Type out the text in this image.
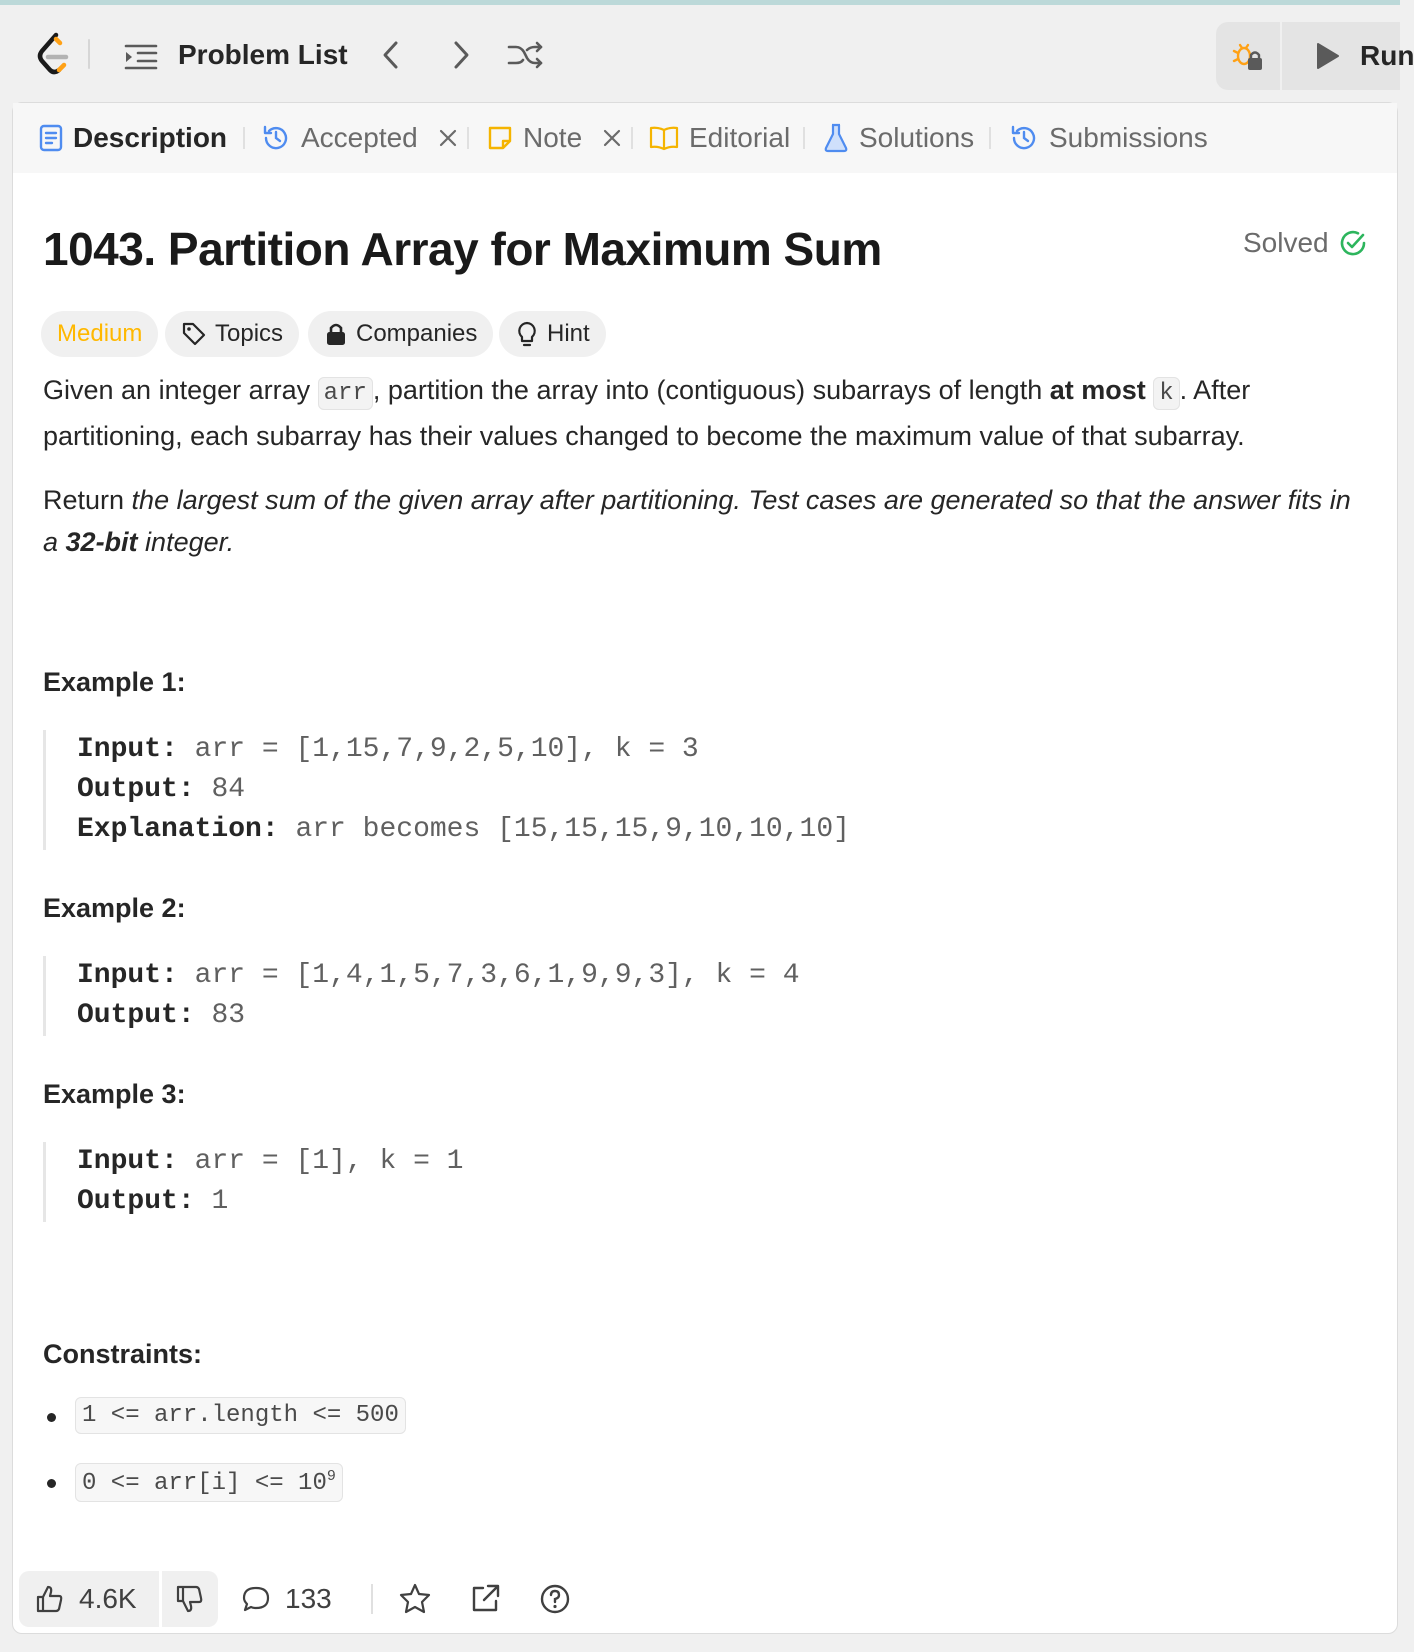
Problem List	Run
Description	Accepted	Note	Editorial Solutions	Submissions
1043. Partition Array for Maximum Sum	Solved
Medium	Topics	Companies	Hint
Given an integer array arr , partition the array into (contiguous) subarrays of length at most k . After partitioning, each subarray has their values changed to become the maximum value of that subarray.
Return the largest sum of the given array after partitioning. Test cases are generated so that the answer fits in a 32-bit integer.
Example 1:
Input: arr = [1,15,7,9,2,5,10], k = 3
Output: 84
Explanation: arr becomes [15,15,15,9,10,10,10]
Example 2:
Input: arr = [1,4,1,5,7,3,6,1,9,9,3], k = 4
Output: 83
Example 3:
Input: arr = [1], k = 1
Output: 1
Constraints:
1 <= arr.length <= 500
$0 <= arr[i] <= 10^9$
4.6K	133
